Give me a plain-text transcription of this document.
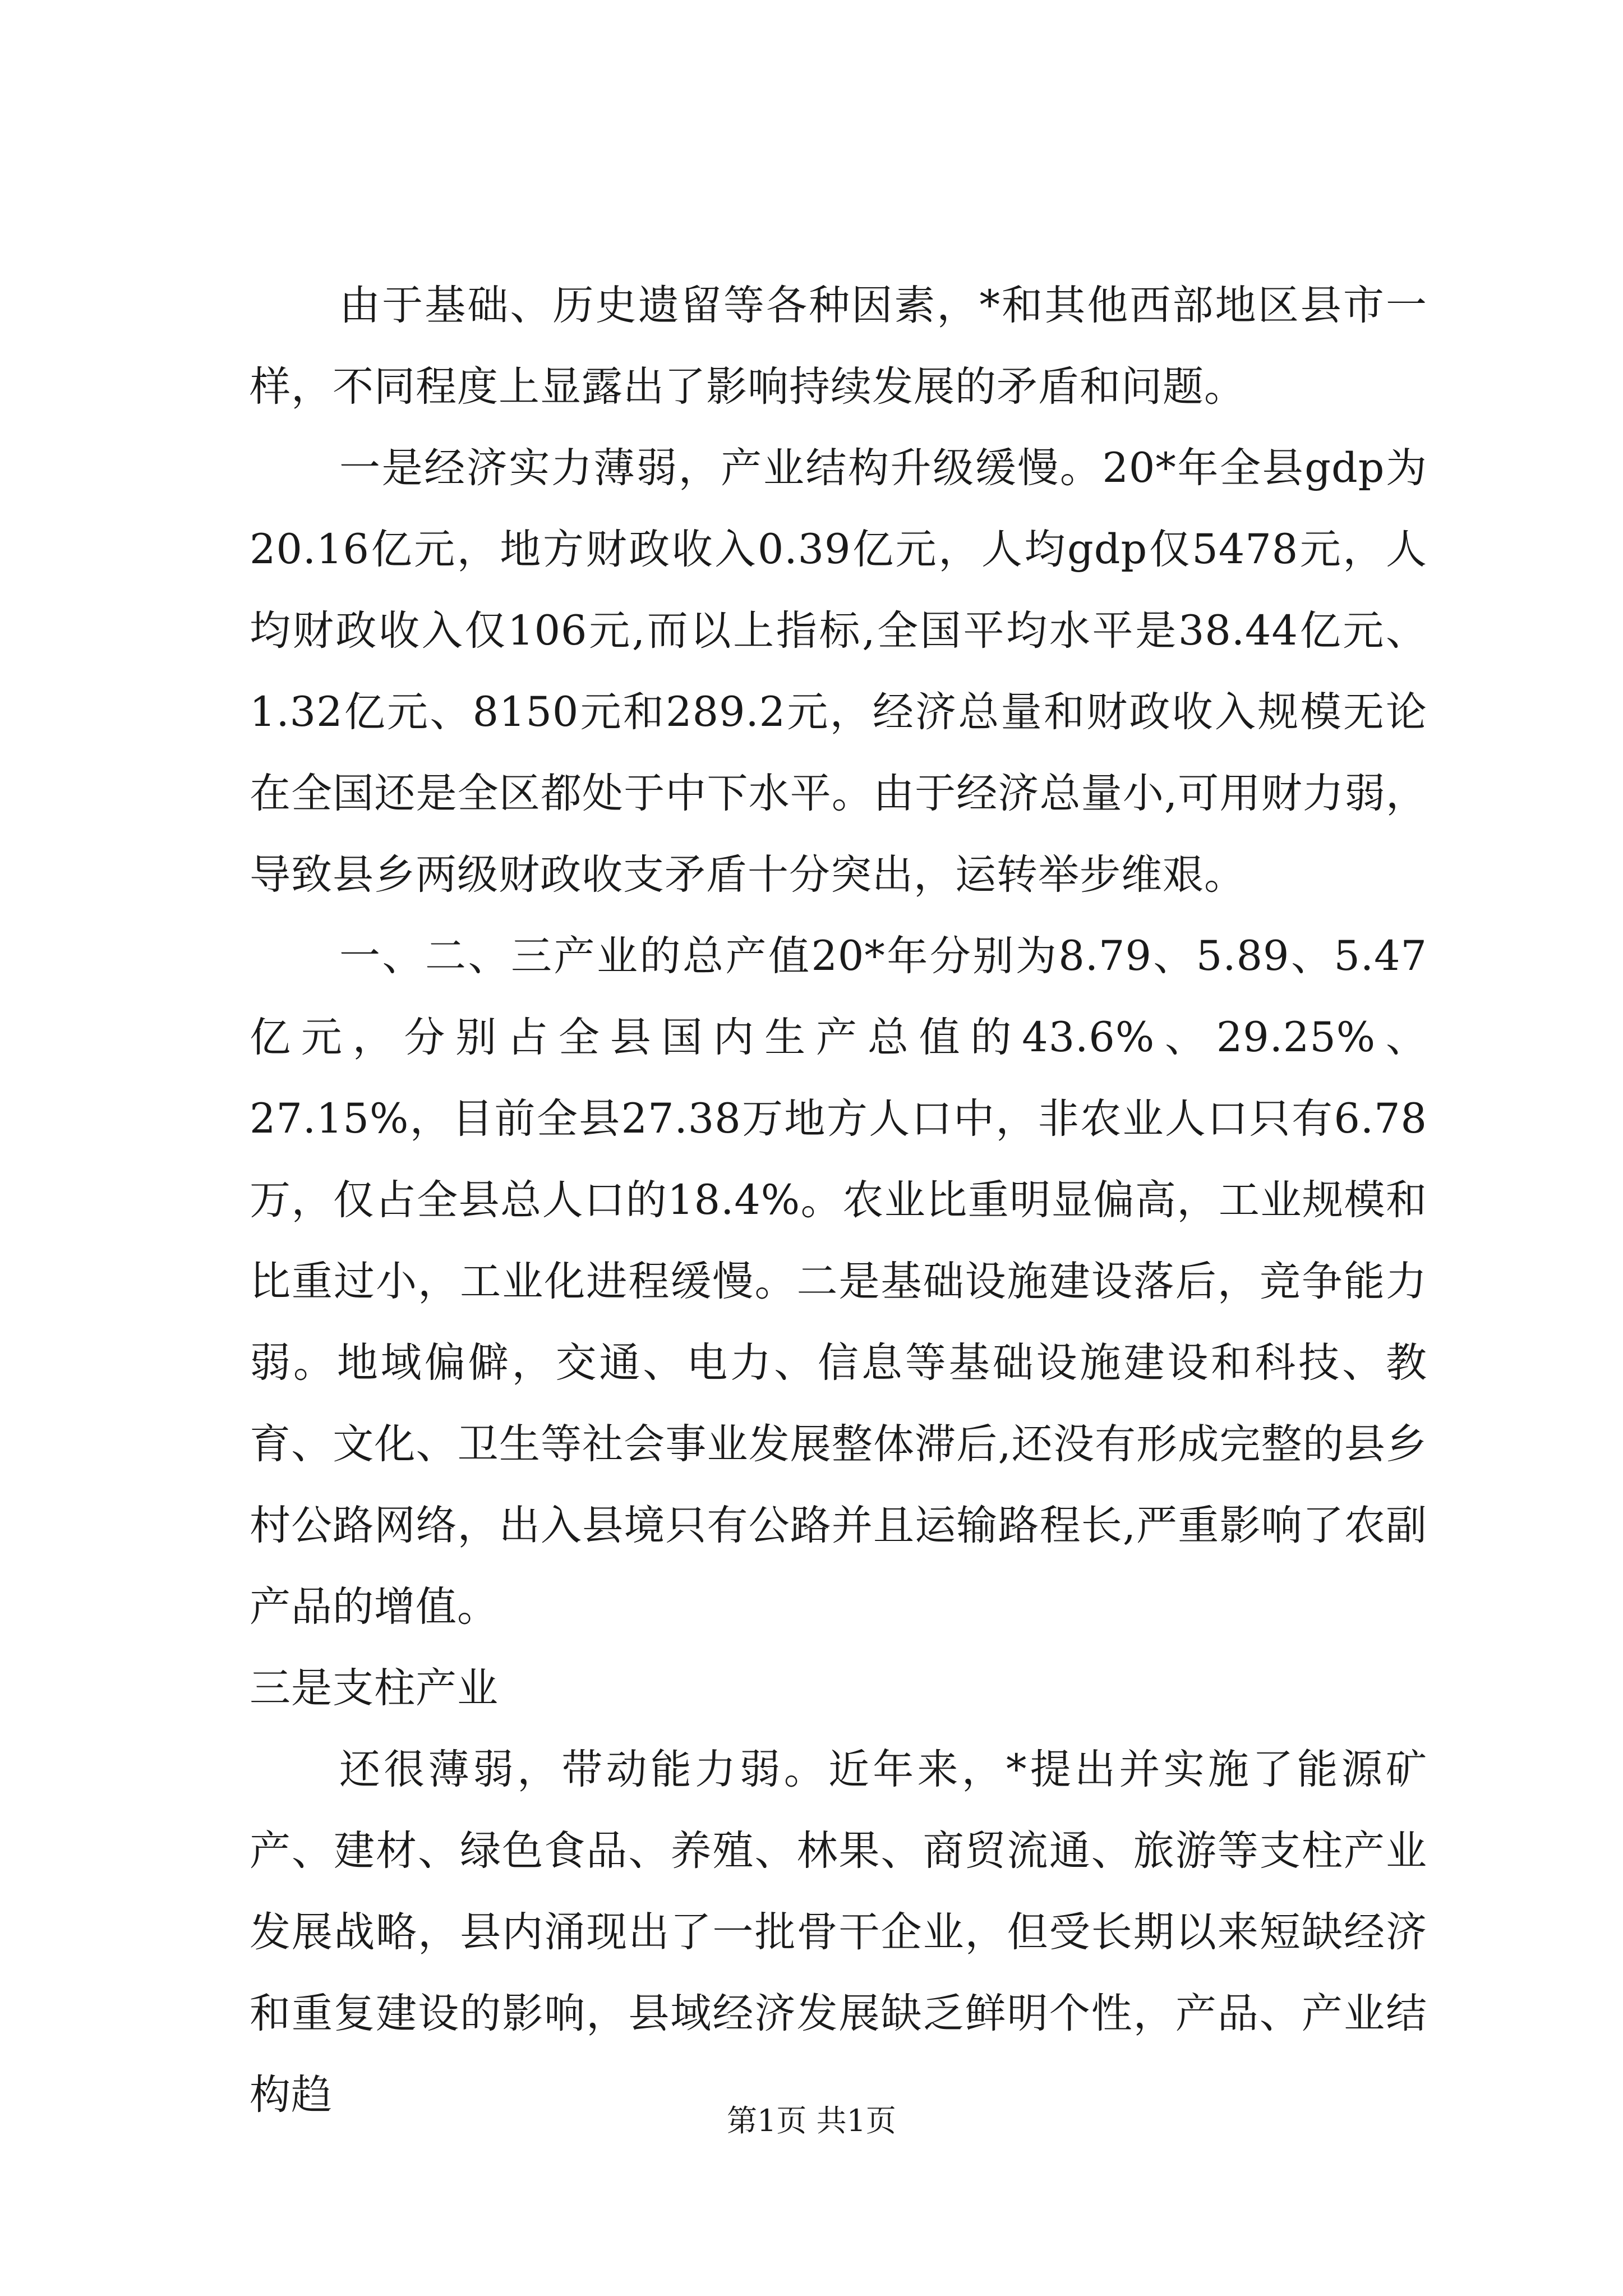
由于基础、历史遗留等各种因素，*和其他西部地区县市一样，不同程度上显露出了影响持续发展的矛盾和问题。

一是经济实力薄弱，产业结构升级缓慢。20*年全县gdp为20.16亿元，地方财政收入0.39亿元，人均gdp仅5478元，人均财政收入仅106元,而以上指标,全国平均水平是38.44亿元、1.32亿元、8150元和289.2元，经济总量和财政收入规模无论在全国还是全区都处于中下水平。由于经济总量小,可用财力弱，导致县乡两级财政收支矛盾十分突出，运转举步维艰。

一、二、三产业的总产值20*年分别为8.79、5.89、5.47亿元，分别占全县国内生产总值的43.6%、29.25%、27.15%，目前全县27.38万地方人口中，非农业人口只有6.78万，仅占全县总人口的18.4%。农业比重明显偏高，工业规模和比重过小，工业化进程缓慢。二是基础设施建设落后，竞争能力弱。地域偏僻，交通、电力、信息等基础设施建设和科技、教育、文化、卫生等社会事业发展整体滞后,还没有形成完整的县乡村公路网络，出入县境只有公路并且运输路程长,严重影响了农副产品的增值。

三是支柱产业

还很薄弱，带动能力弱。近年来，*提出并实施了能源矿产、建材、绿色食品、养殖、林果、商贸流通、旅游等支柱产业发展战略，县内涌现出了一批骨干企业，但受长期以来短缺经济和重复建设的影响，县域经济发展缺乏鲜明个性，产品、产业结构趋

第1页 共1页
